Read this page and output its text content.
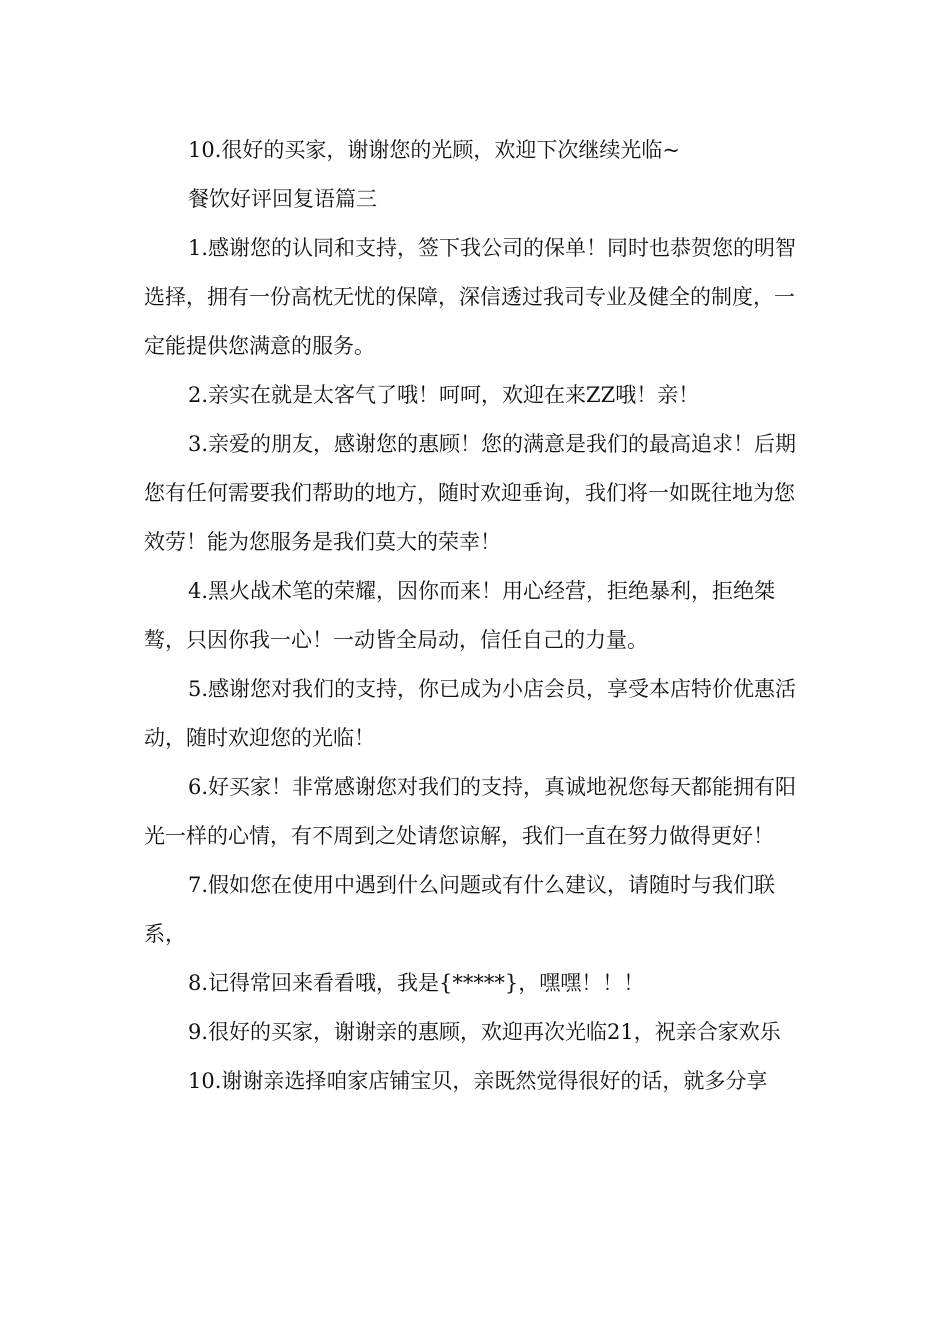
10.很好的买家，谢谢您的光顾，欢迎下次继续光临~

餐饮好评回复语篇三

1.感谢您的认同和支持，签下我公司的保单！同时也恭贺您的明智选择，拥有一份高枕无忧的保障，深信透过我司专业及健全的制度，一定能提供您满意的服务。

2.亲实在就是太客气了哦！呵呵，欢迎在来ZZ哦！亲！

3.亲爱的朋友，感谢您的惠顾！您的满意是我们的最高追求！后期您有任何需要我们帮助的地方，随时欢迎垂询，我们将一如既往地为您效劳！能为您服务是我们莫大的荣幸！

4.黑火战术笔的荣耀，因你而来！用心经营，拒绝暴利，拒绝桀骜，只因你我一心！一动皆全局动，信任自己的力量。

5.感谢您对我们的支持，你已成为小店会员，享受本店特价优惠活动，随时欢迎您的光临！

6.好买家！非常感谢您对我们的支持，真诚地祝您每天都能拥有阳光一样的心情，有不周到之处请您谅解，我们一直在努力做得更好！

7.假如您在使用中遇到什么问题或有什么建议，请随时与我们联系，

8.记得常回来看看哦，我是{*****}，嘿嘿！！！

9.很好的买家，谢谢亲的惠顾，欢迎再次光临21，祝亲合家欢乐

10.谢谢亲选择咱家店铺宝贝，亲既然觉得很好的话，就多分享
